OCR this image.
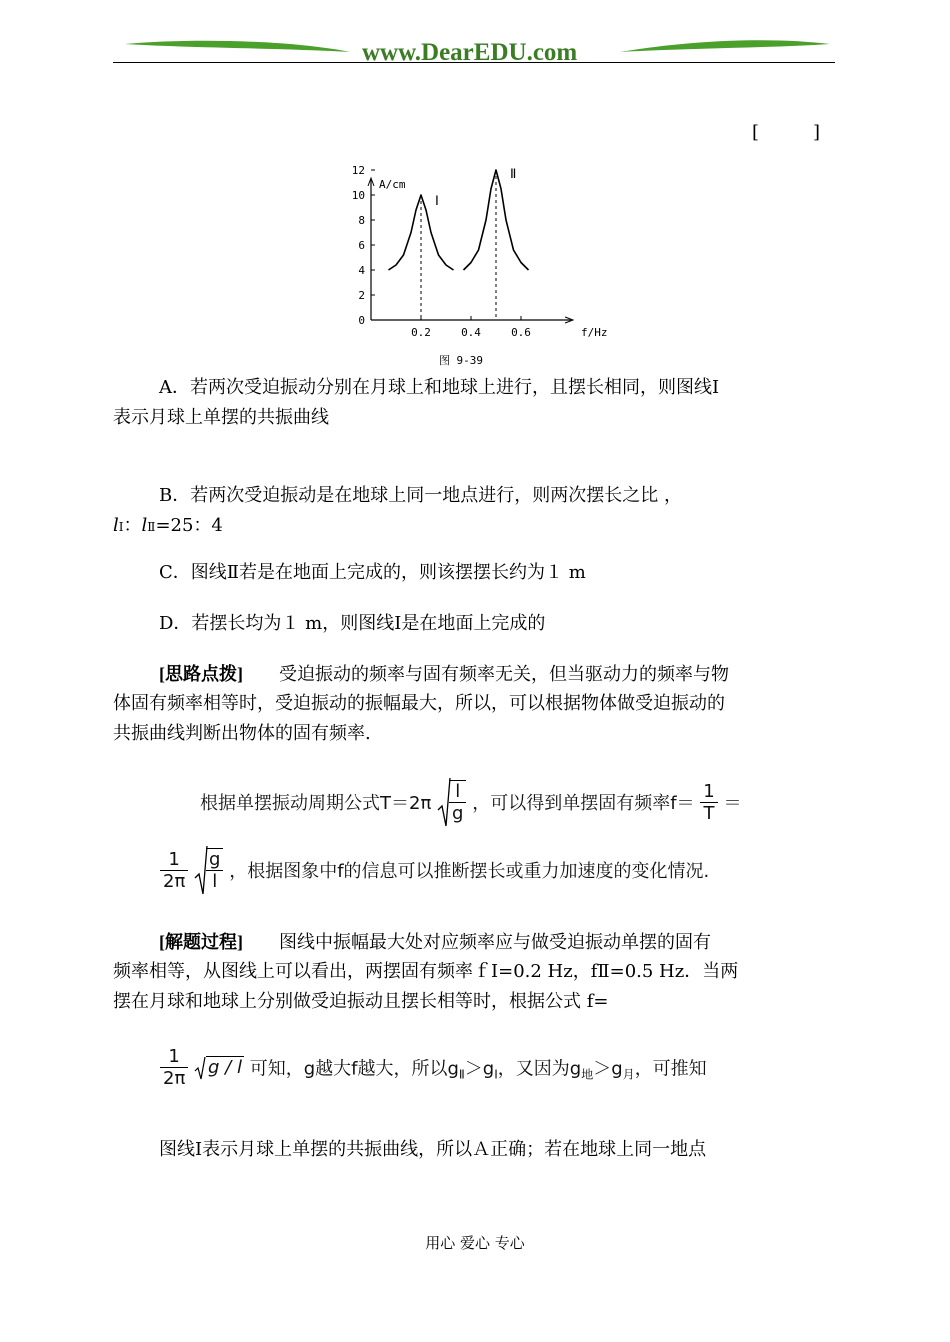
www.DearEDU.com
[　　　]
0
2
4
6
8
10
12
0.2	0.4	0.6
A/cm
f/Hz
图 9-39
Ⅰ
Ⅱ
A．若两次受迫振动分别在月球上和地球上进行，且摆长相同，则图线Ⅰ
表示月球上单摆的共振曲线
B．若两次受迫振动是在地球上同一地点进行，则两次摆长之比 ，
lⅠ：lⅡ=25：4
C．图线Ⅱ若是在地面上完成的，则该摆摆长约为１ m
D．若摆长均为１ m，则图线Ⅰ是在地面上完成的
[思路点拨]　　受迫振动的频率与固有频率无关，但当驱动力的频率与物
体固有频率相等时，受迫振动的振幅最大，所以，可以根据物体做受迫振动的
共振曲线判断出物体的固有频率.
根据单摆振动周期公式$T=2\pi \frac{l}{g}$ ，可以得到单摆固有频率$f= \frac{1}{T}$ ＝
$\frac{1}{2\pi}$
$\frac{g}{l}$ ，根据图象中f的信息可以推断摆长或重力加速度的变化情况.
[解题过程]　　图线中振幅最大处对应频率应与做受迫振动单摆的固有
频率相等，从图线上可以看出，两摆固有频率ｆⅠ=0.2 Hz，fⅡ=0.5 Hz．当两
摆在月球和地球上分别做受迫振动且摆长相等时，根据公式 f=
$\frac{1}{2\pi}$ g / l 可知，g越大f越大，所以$g_Ⅱ>g_Ⅰ$，又因为$g_地>g_月$，可推知
图线Ⅰ表示月球上单摆的共振曲线，所以Ａ正确；若在地球上同一地点
用心 爱心 专心
